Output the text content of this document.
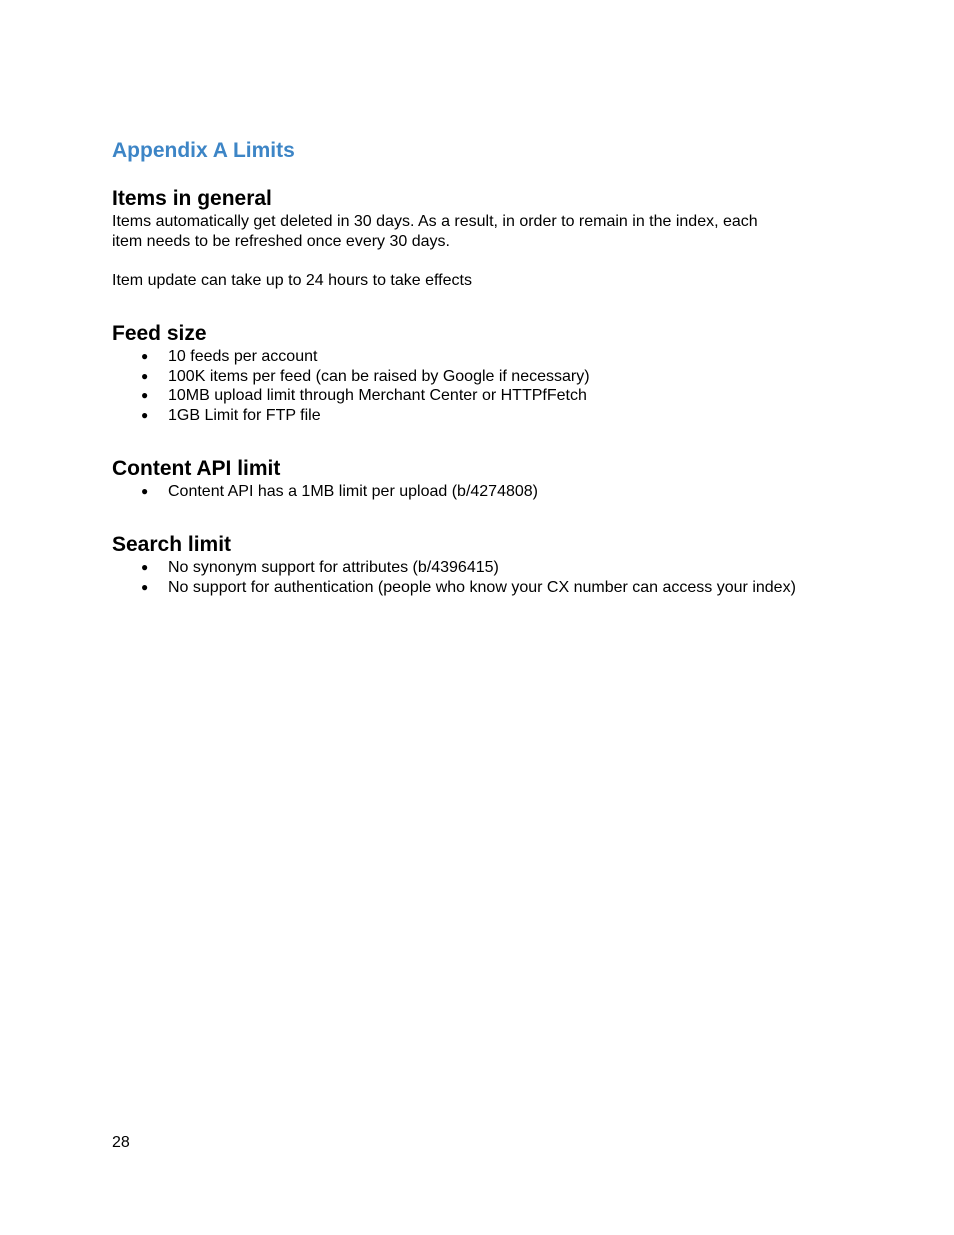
Appendix A Limits
Items in general

Items automatically get deleted in 30 days. As a result, in order to remain in the index, each

item needs to be refreshed once every 30 days.

Item update can take up to 24 hours to take effects

Feed size
● 10 feeds per account
● 100K items per feed (can be raised by Google if necessary)
● 10MB upload limit through Merchant Center or HTTPfFetch
● 1GB Limit for FTP file
Content API limit
● Content API has a 1MB limit per upload (b/4274808)
Search limit
● No synonym support for attributes (b/4396415)
● No support for authentication (people who know your CX number can access your index)
28
